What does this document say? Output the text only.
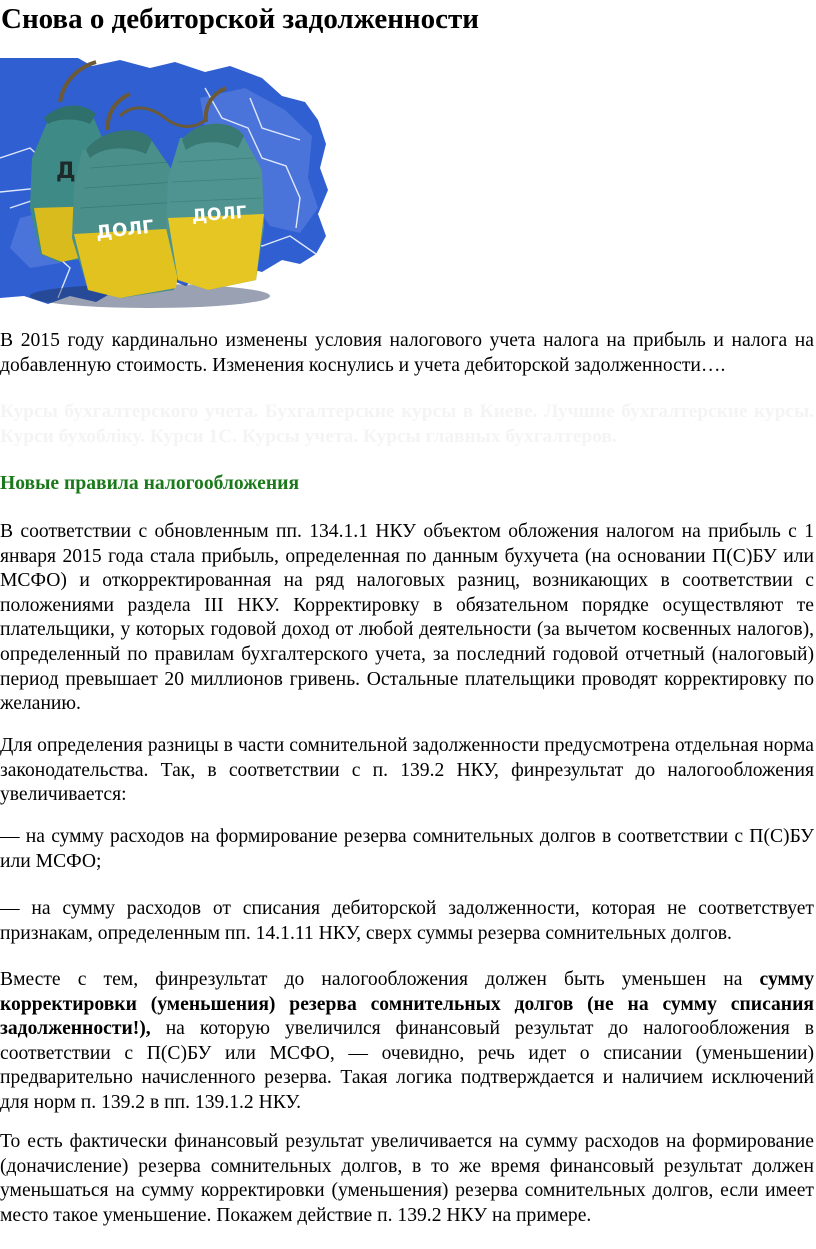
Снова о дебиторской задолженности
Д
ДОЛГ
ДОЛГ

В 2015 году кардинально изменены условия налогового учета налога на прибыль и налога на добавленную стоимость. Изменения коснулись и учета дебиторской задолженности….

Курсы бухгалтерского учета. Бухгалтерские курсы в Киеве. Лучшие бухгалтерские курсы. Курси бухобліку. Курси 1С. Курсы учета. Курсы главных бухгалтеров.

Новые правила налогообложения

В соответствии с обновленным пп. 134.1.1 НКУ объектом обложения налогом на прибыль с 1 января 2015 года стала прибыль, определенная по данным бухучета (на основании П(С)БУ или МСФО) и откорректированная на ряд налоговых разниц, возникающих в соответствии с положениями раздела III НКУ. Корректировку в обязательном порядке осуществляют те плательщики, у которых годовой доход от любой деятельности (за вычетом косвенных налогов), определенный по правилам бухгалтерского учета, за последний годовой отчетный (налоговый) период превышает 20 миллионов гривень. Остальные плательщики проводят корректировку по желанию.

Для определения разницы в части сомнительной задолженности предусмотрена отдельная норма законодательства. Так, в соответствии с п. 139.2 НКУ, финрезультат до налогообложения увеличивается:

— на сумму расходов на формирование резерва сомнительных долгов в соответствии с П(С)БУ или МСФО;

— на сумму расходов от списания дебиторской задолженности, которая не соответствует признакам, определенным пп. 14.1.11 НКУ, сверх суммы резерва сомнительных долгов.

Вместе с тем, финрезультат до налогообложения должен быть уменьшен на сумму корректировки (уменьшения) резерва сомнительных долгов (не на сумму списания задолженности!), на которую увеличился финансовый результат до налогообложения в соответствии с П(С)БУ или МСФО, — очевидно, речь идет о списании (уменьшении) предварительно начисленного резерва. Такая логика подтверждается и наличием исключений для норм п. 139.2 в пп. 139.1.2 НКУ.

То есть фактически финансовый результат увеличивается на сумму расходов на формирование (доначисление) резерва сомнительных долгов, в то же время финансовый результат должен уменьшаться на сумму корректировки (уменьшения) резерва сомнительных долгов, если имеет место такое уменьшение. Покажем действие п. 139.2 НКУ на примере.
